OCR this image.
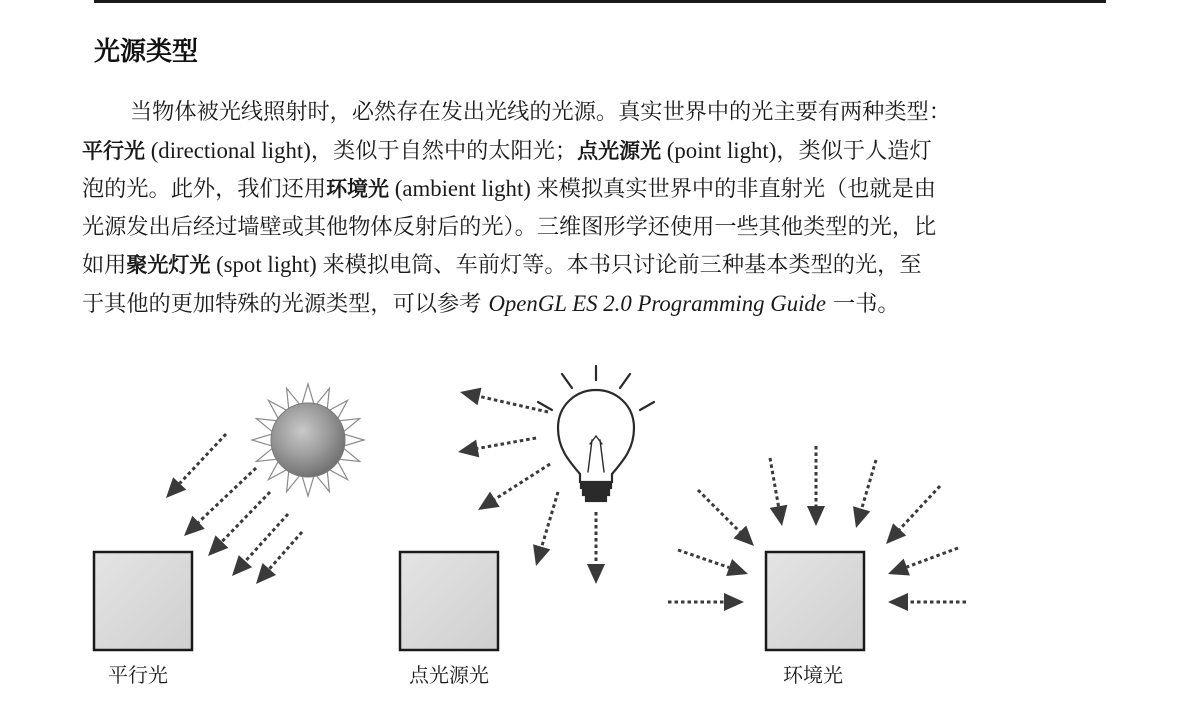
光源类型

当物体被光线照射时，必然存在发出光线的光源。真实世界中的光主要有两种类型：
平行光 (directional light)，类似于自然中的太阳光；点光源光 (point light)，类似于人造灯
泡的光。此外，我们还用环境光 (ambient light) 来模拟真实世界中的非直射光（也就是由
光源发出后经过墙壁或其他物体反射后的光）。三维图形学还使用一些其他类型的光，比
如用聚光灯光 (spot light) 来模拟电筒、车前灯等。本书只讨论前三种基本类型的光，至
于其他的更加特殊的光源类型，可以参考 OpenGL ES 2.0 Programming Guide 一书。

平行光	点光源光	环境光
